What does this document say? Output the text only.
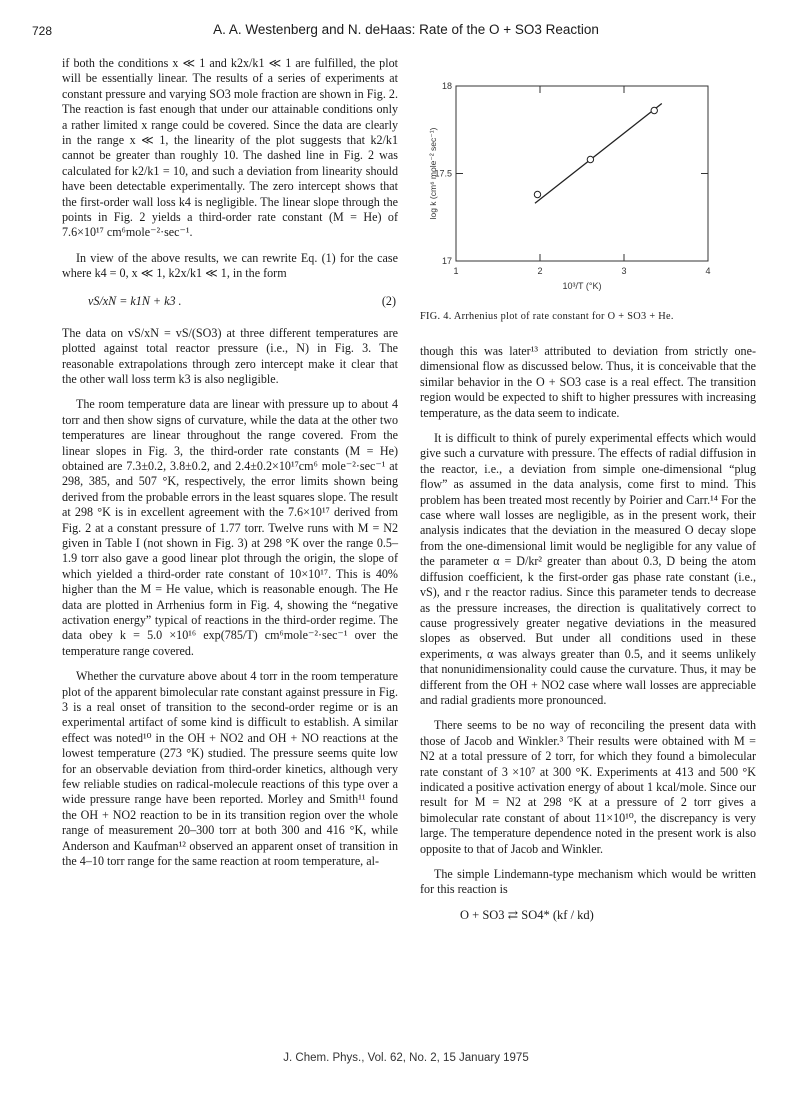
728	A. A. Westenberg and N. deHaas: Rate of the O + SO3 Reaction

if both the conditions x ≪ 1 and k2x/k1 ≪ 1 are fulfilled, the plot will be essentially linear. The results of a series of experiments at constant pressure and varying SO3 mole fraction are shown in Fig. 2. The reaction is fast enough that under our attainable conditions only a rather limited x range could be covered. Since the data are clearly in the range x ≪ 1, the linearity of the plot suggests that k2/k1 cannot be greater than roughly 10. The dashed line in Fig. 2 was calculated for k2/k1 = 10, and such a deviation from linearity should have been detectable experimentally. The zero intercept shows that the first-order wall loss k4 is negligible. The linear slope through the points in Fig. 2 yields a third-order rate constant (M = He) of 7.6×10¹⁷ cm⁶mole⁻²·sec⁻¹.

In view of the above results, we can rewrite Eq. (1) for the case where k4 = 0, x ≪ 1, k2x/k1 ≪ 1, in the form

vS/xN = k1N + k3 .	(2)

The data on vS/xN = vS/(SO3) at three different temperatures are plotted against total reactor pressure (i.e., N) in Fig. 3. The reasonable extrapolations through zero intercept make it clear that the other wall loss term k3 is also negligible.

The room temperature data are linear with pressure up to about 4 torr and then show signs of curvature, while the data at the other two temperatures are linear throughout the range covered. From the linear slopes in Fig. 3, the third-order rate constants (M = He) obtained are 7.3±0.2, 3.8±0.2, and 2.4±0.2×10¹⁷cm⁶ mole⁻²·sec⁻¹ at 298, 385, and 507 °K, respectively, the error limits shown being derived from the probable errors in the least squares slope. The result at 298 °K is in excellent agreement with the 7.6×10¹⁷ derived from Fig. 2 at a constant pressure of 1.77 torr. Twelve runs with M = N2 given in Table I (not shown in Fig. 3) at 298 °K over the range 0.5–1.9 torr also gave a good linear plot through the origin, the slope of which yielded a third-order rate constant of 10×10¹⁷. This is 40% higher than the M = He value, which is reasonable enough. The He data are plotted in Arrhenius form in Fig. 4, showing the “negative activation energy” typical of reactions in the third-order regime. The data obey k = 5.0 ×10¹⁶ exp(785/T) cm⁶mole⁻²·sec⁻¹ over the temperature range covered.

Whether the curvature above about 4 torr in the room temperature plot of the apparent bimolecular rate constant against pressure in Fig. 3 is a real onset of transition to the second-order regime or is an experimental artifact of some kind is difficult to establish. A similar effect was noted¹⁰ in the OH + NO2 and OH + NO reactions at the lowest temperature (273 °K) studied. The pressure seems quite low for an observable deviation from third-order kinetics, although very few reliable studies on radical-molecule reactions of this type over a wide pressure range have been reported. Morley and Smith¹¹ found the OH + NO2 reaction to be in its transition region over the whole range of measurement 20–300 torr at both 300 and 416 °K, while Anderson and Kaufman¹² observed an apparent onset of transition in the 4–10 torr range for the same reaction at room temperature, al-

1	2	3	4
17
17.5
18
10³/T (°K)
log k (cm⁶ mole⁻² sec⁻¹)
FIG. 4. Arrhenius plot of rate constant for O + SO3 + He.

though this was later¹³ attributed to deviation from strictly one-dimensional flow as discussed below. Thus, it is conceivable that the similar behavior in the O + SO3 case is a real effect. The transition region would be expected to shift to higher pressures with increasing temperature, as the data seem to indicate.

It is difficult to think of purely experimental effects which would give such a curvature with pressure. The effects of radial diffusion in the reactor, i.e., a deviation from simple one-dimensional “plug flow” as assumed in the data analysis, come first to mind. This problem has been treated most recently by Poirier and Carr.¹⁴ For the case where wall losses are negligible, as in the present work, their analysis indicates that the deviation in the measured O decay slope from the one-dimensional limit would be negligible for any value of the parameter α = D/kr² greater than about 0.3, D being the atom diffusion coefficient, k the first-order gas phase rate constant (i.e., vS), and r the reactor radius. Since this parameter tends to decrease as the pressure increases, the direction is qualitatively correct to cause progressively greater negative deviations in the measured slopes as observed. But under all conditions used in these experiments, α was always greater than 0.5, and it seems unlikely that nonunidimensionality could cause the curvature. Thus, it may be different from the OH + NO2 case where wall losses are appreciable and radial gradients more pronounced.

There seems to be no way of reconciling the present data with those of Jacob and Winkler.³ Their results were obtained with M = N2 at a total pressure of 2 torr, for which they found a bimolecular rate constant of 3 ×10⁷ at 300 °K. Experiments at 413 and 500 °K indicated a positive activation energy of about 1 kcal/mole. Since our result for M = N2 at 298 °K at a pressure of 2 torr gives a bimolecular rate constant of about 11×10¹⁰, the discrepancy is very large. The temperature dependence noted in the present work is also opposite to that of Jacob and Winkler.

The simple Lindemann-type mechanism which would be written for this reaction is

O + SO3 ⇄ SO4* (kf / kd)
J. Chem. Phys., Vol. 62, No. 2, 15 January 1975
